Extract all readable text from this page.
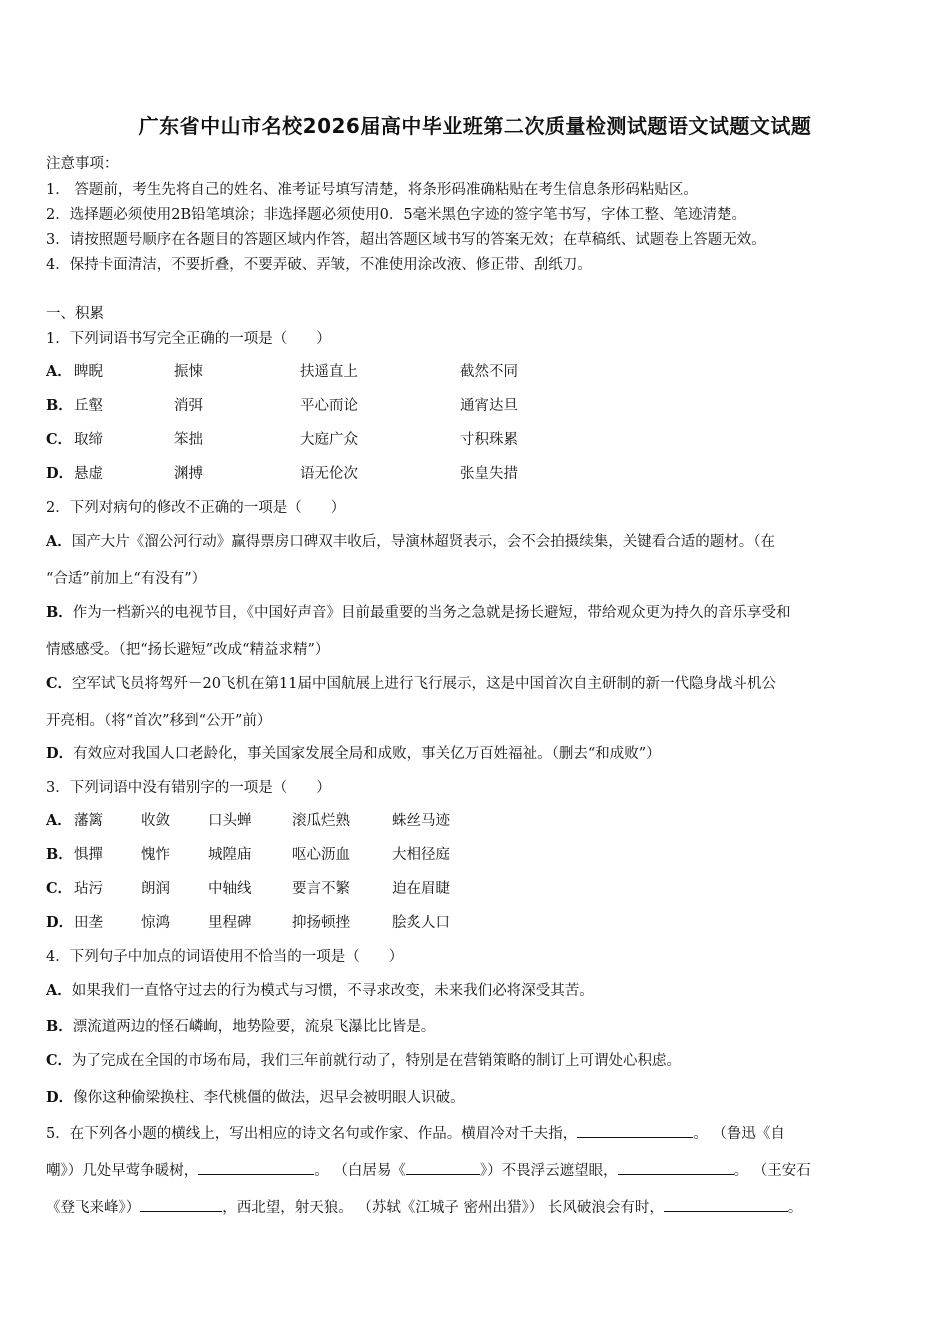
广东省中山市名校2026届高中毕业班第二次质量检测试题语文试题文试题
注意事项：
1． 答题前，考生先将自己的姓名、准考证号填写清楚，将条形码准确粘贴在考生信息条形码粘贴区。
2．选择题必须使用2B铅笔填涂；非选择题必须使用0．5毫米黑色字迹的签字笔书写，字体工整、笔迹清楚。
3．请按照题号顺序在各题目的答题区域内作答，超出答题区域书写的答案无效；在草稿纸、试题卷上答题无效。
4．保持卡面清洁，不要折叠，不要弄破、弄皱，不准使用涂改液、修正带、刮纸刀。
一、积累
1．下列词语书写完全正确的一项是（　　）
A． 睥睨	振悚	扶遥直上	截然不同
B． 丘壑	消弭	平心而论	通宵达旦
C． 取缔	笨拙	大庭广众	寸积珠累
D． 悬虚	渊搏	语无伦次	张皇失措
2．下列对病句的修改不正确的一项是（　　）
A．国产大片《溜公河行动》赢得票房口碑双丰收后，导演林超贤表示，会不会拍摄续集，关键看合适的题材。（在
“合适”前加上“有没有”）
B．作为一档新兴的电视节目，《中国好声音》目前最重要的当务之急就是扬长避短，带给观众更为持久的音乐享受和
情感感受。（把“扬长避短”改成“精益求精”）
C．空军试飞员将驾歼－20飞机在第11届中国航展上进行飞行展示，这是中国首次自主研制的新一代隐身战斗机公
开亮相。（将“首次”移到“公开”前）
D．有效应对我国人口老龄化，事关国家发展全局和成败，事关亿万百姓福祉。（删去“和成败”）
3．下列词语中没有错别字的一项是（　　）
A． 藩篱	收敛	口头蝉	滚瓜烂熟	蛛丝马迹
B． 惧撣	愧怍	城隍庙	呕心沥血	大相径庭
C． 玷污	朗润	中轴线	要言不繁	迫在眉睫
D． 田垄	惊鸿	里程碑	抑扬顿挫	脍炙人口
4．下列句子中加点的词语使用不恰当的一项是（　　）
A．如果我们一直恪守过去的行为模式与习惯，不寻求改变，未来我们必将深受其苦。
B．漂流道两边的怪石嶙峋，地势险要，流泉飞瀑比比皆是。
C．为了完成在全国的市场布局，我们三年前就行动了，特别是在营销策略的制订上可谓处心积虑。
D．像你这种偷梁换柱、李代桃僵的做法，迟早会被明眼人识破。
5．在下列各小题的横线上，写出相应的诗文名句或作家、作品。横眉冷对千夫指，	。 （鲁迅《自
嘲》）几处早莺争暖树，	。 （白居易《	》）不畏浮云遮望眼，	。 （王安石
《登飞来峰》）	，西北望，射天狼。 （苏轼《江城子 密州出猎》） 长风破浪会有时，	。
